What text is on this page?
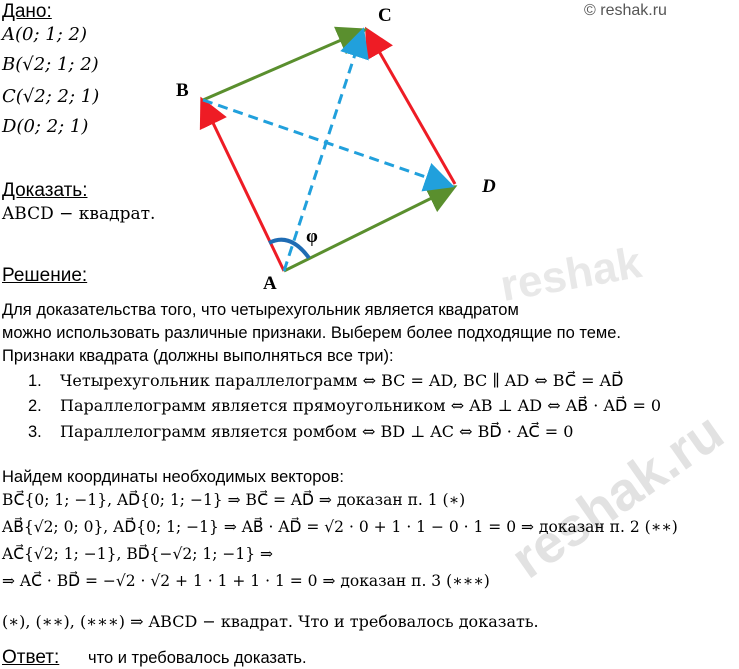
© reshak.ru
reshak
reshak.ru
Дано:
A(0; 1; 2)
B(√2; 1; 2)
C(√2; 2; 1)
D(0; 2; 1)
Доказать:
ABCD − квадрат.
B
C
D
A
φ
Решение:
Для доказательства того, что четырехугольник является квадратом
можно использовать различные признаки. Выберем более подходящие по теме.
Признаки квадрата (должны выполняться все три):
1. Четырехугольник параллелограмм ⇔ BC = AD, BC ∥ AD ⇔ BC⃗ = AD⃗
2. Параллелограмм является прямоугольником ⇔ AB ⊥ AD ⇔ AB⃗ · AD⃗ = 0
3. Параллелограмм является ромбом ⇔ BD ⊥ AC ⇔ BD⃗ · AC⃗ = 0
Найдем координаты необходимых векторов:
BC⃗{0; 1; −1}, AD⃗{0; 1; −1} ⇒ BC⃗ = AD⃗ ⇒ доказан п. 1 (∗)
AB⃗{√2; 0; 0}, AD⃗{0; 1; −1} ⇒ AB⃗ · AD⃗ = √2 · 0 + 1 · 1 − 0 · 1 = 0 ⇒ доказан п. 2 (∗∗)
AC⃗{√2; 1; −1}, BD⃗{−√2; 1; −1} ⇒
⇒ AC⃗ · BD⃗ = −√2 · √2 + 1 · 1 + 1 · 1 = 0 ⇒ доказан п. 3 (∗∗∗)
(∗), (∗∗), (∗∗∗) ⇒ ABCD − квадрат. Что и требовалось доказать.
Ответ: что и требовалось доказать.
